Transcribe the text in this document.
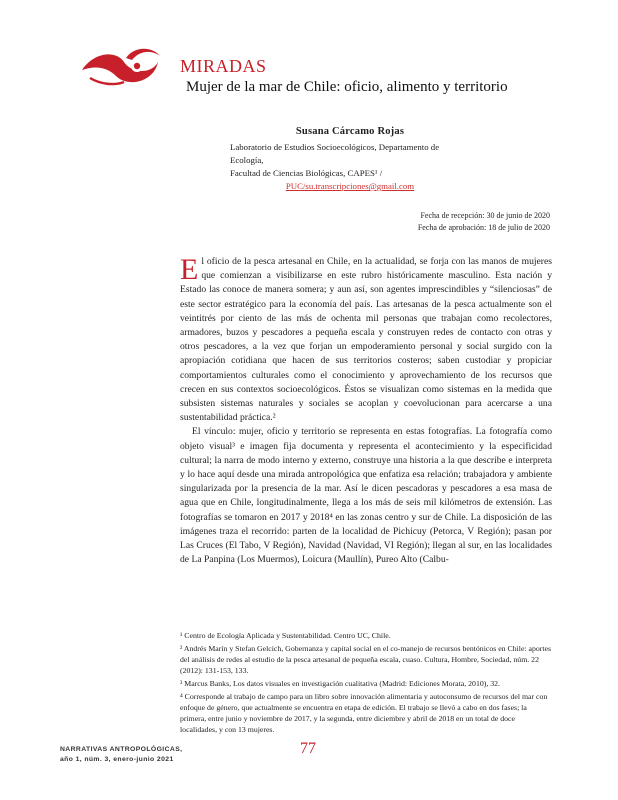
MIRADAS
Mujer de la mar de Chile: oficio, alimento y territorio
Susana Cárcamo Rojas
Laboratorio de Estudios Socioecológicos, Departamento de Ecología,
Facultad de Ciencias Biológicas, CAPES¹ /
PUC/su.transcripciones@gmail.com
Fecha de recepción: 30 de junio de 2020
Fecha de aprobación: 18 de julio de 2020

El oficio de la pesca artesanal en Chile, en la actualidad, se forja con las manos de mujeres que comienzan a visibilizarse en este rubro históricamente masculino. Esta nación y Estado las conoce de manera somera; y aun así, son agentes imprescindibles y “silenciosas” de este sector estratégico para la economía del país. Las artesanas de la pesca actualmente son el veintitrés por ciento de las más de ochenta mil personas que trabajan como recolectores, armadores, buzos y pescadores a pequeña escala y construyen redes de contacto con otras y otros pescadores, a la vez que forjan un empoderamiento personal y social surgido con la apropiación cotidiana que hacen de sus territorios costeros; saben custodiar y propiciar comportamientos culturales como el conocimiento y aprovechamiento de los recursos que crecen en sus contextos socioecológicos. Éstos se visualizan como sistemas en la medida que subsisten sistemas naturales y sociales se acoplan y coevolucionan para acercarse a una sustentabilidad práctica.²

El vínculo: mujer, oficio y territorio se representa en estas fotografías. La fotografía como objeto visual³ e imagen fija documenta y representa el acontecimiento y la especificidad cultural; la narra de modo interno y externo, construye una historia a la que describe e interpreta y lo hace aquí desde una mirada antropológica que enfatiza esa relación; trabajadora y ambiente singularizada por la presencia de la mar. Así le dicen pescadoras y pescadores a esa masa de agua que en Chile, longitudinalmente, llega a los más de seis mil kilómetros de extensión. Las fotografías se tomaron en 2017 y 2018⁴ en las zonas centro y sur de Chile. La disposición de las imágenes traza el recorrido: parten de la localidad de Pichicuy (Petorca, V Región); pasan por Las Cruces (El Tabo, V Región), Navidad (Navidad, VI Región); llegan al sur, en las localidades de La Panpina (Los Muermos), Loicura (Maullín), Pureo Alto (Calbu-

¹ Centro de Ecología Aplicada y Sustentabilidad. Centro UC, Chile.

² Andrés Marín y Stefan Gelcich, Gobernanza y capital social en el co-manejo de recursos bentónicos en Chile: aportes del análisis de redes al estudio de la pesca artesanal de pequeña escala, cuaso. Cultura, Hombre, Sociedad, núm. 22 (2012): 131-153, 133.

³ Marcus Banks, Los datos visuales en investigación cualitativa (Madrid: Ediciones Morata, 2010), 32.

⁴ Corresponde al trabajo de campo para un libro sobre innovación alimentaria y autoconsumo de recursos del mar con enfoque de género, que actualmente se encuentra en etapa de edición. El trabajo se llevó a cabo en dos fases; la primera, entre junio y noviembre de 2017, y la segunda, entre diciembre y abril de 2018 en un total de doce localidades, y con 13 mujeres.

NARRATIVAS ANTROPOLÓGICAS,
año 1, núm. 3, enero-junio 2021
77
